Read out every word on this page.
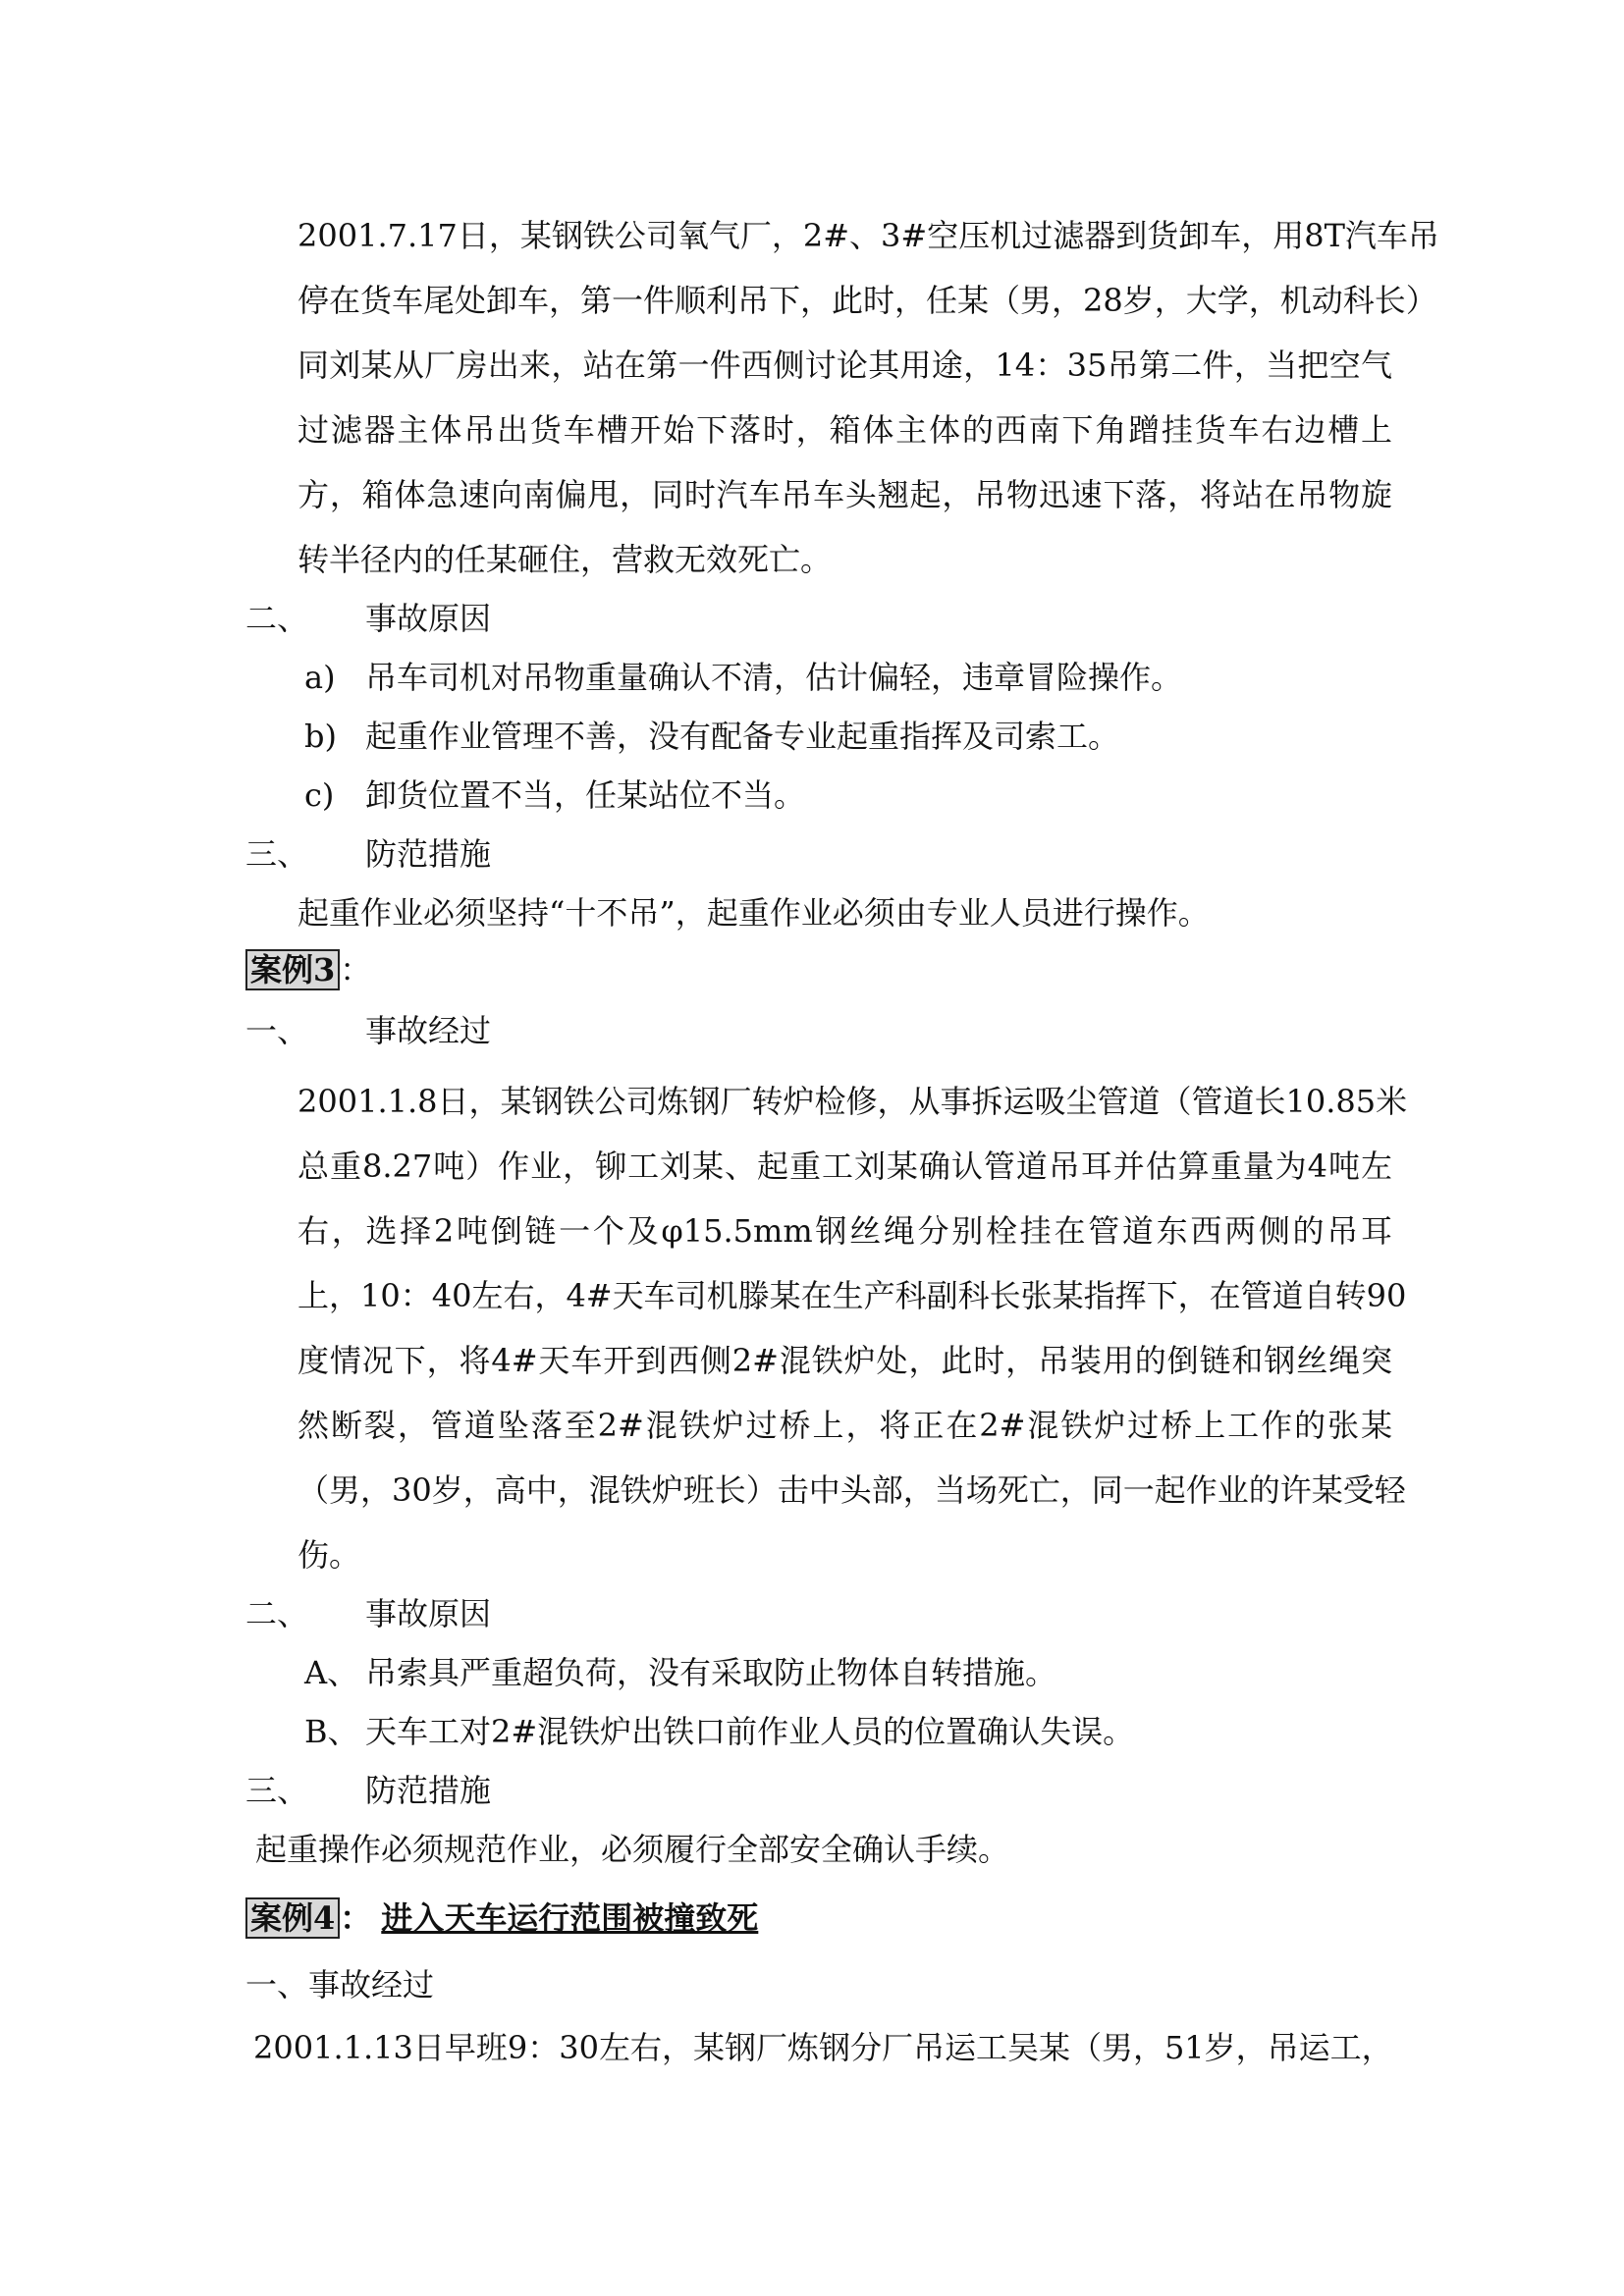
2001.7.17日，某钢铁公司氧气厂，2#、3#空压机过滤器到货卸车，用8T汽车吊
停在货车尾处卸车，第一件顺利吊下，此时，任某（男，28岁，大学，机动科长）
同刘某从厂房出来，站在第一件西侧讨论其用途，14：35吊第二件，当把空气
过滤器主体吊出货车槽开始下落时，箱体主体的西南下角蹭挂货车右边槽上
方，箱体急速向南偏甩，同时汽车吊车头翘起，吊物迅速下落，将站在吊物旋
转半径内的任某砸住，营救无效死亡。
二、 事故原因
a) 吊车司机对吊物重量确认不清，估计偏轻，违章冒险操作。
b) 起重作业管理不善，没有配备专业起重指挥及司索工。
c) 卸货位置不当，任某站位不当。
三、 防范措施
起重作业必须坚持“十不吊”，起重作业必须由专业人员进行操作。
案例3 ：
一、 事故经过
2001.1.8日，某钢铁公司炼钢厂转炉检修，从事拆运吸尘管道（管道长10.85米
总重8.27吨）作业，铆工刘某、起重工刘某确认管道吊耳并估算重量为4吨左
右，选择2吨倒链一个及φ15.5mm钢丝绳分别栓挂在管道东西两侧的吊耳
上，10：40左右，4#天车司机滕某在生产科副科长张某指挥下，在管道自转90
度情况下，将4#天车开到西侧2#混铁炉处，此时，吊装用的倒链和钢丝绳突
然断裂，管道坠落至2#混铁炉过桥上，将正在2#混铁炉过桥上工作的张某
（男，30岁，高中，混铁炉班长）击中头部，当场死亡，同一起作业的许某受轻
伤。
二、 事故原因
A、 吊索具严重超负荷，没有采取防止物体自转措施。
B、 天车工对2#混铁炉出铁口前作业人员的位置确认失误。
三、 防范措施
起重操作必须规范作业，必须履行全部安全确认手续。
案例4 ： 进入天车运行范围被撞致死
一、事故经过
2001.1.13日早班9：30左右，某钢厂炼钢分厂吊运工吴某（男，51岁，吊运工，
